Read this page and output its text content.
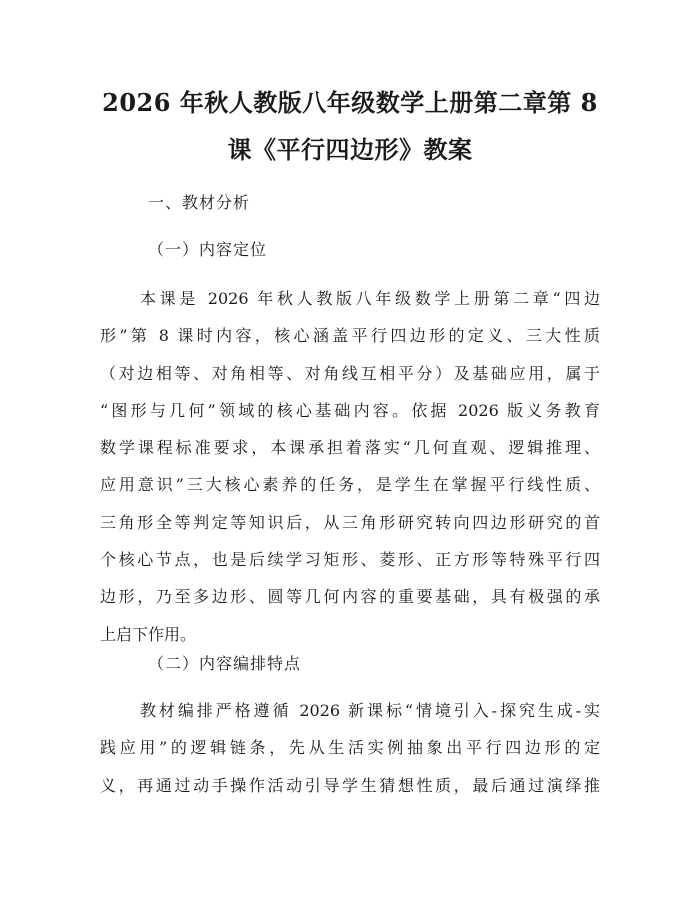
2026 年秋人教版八年级数学上册第二章第 8
课《平行四边形》教案
一、教材分析
（一）内容定位
本课是 2026 年秋人教版八年级数学上册第二章“四边
形”第 8 课时内容，核心涵盖平行四边形的定义、三大性质
（对边相等、对角相等、对角线互相平分）及基础应用，属于
“图形与几何”领域的核心基础内容。依据 2026 版义务教育
数学课程标准要求，本课承担着落实“几何直观、逻辑推理、
应用意识”三大核心素养的任务，是学生在掌握平行线性质、
三角形全等判定等知识后，从三角形研究转向四边形研究的首
个核心节点，也是后续学习矩形、菱形、正方形等特殊平行四
边形，乃至多边形、圆等几何内容的重要基础，具有极强的承
上启下作用。
（二）内容编排特点
教材编排严格遵循 2026 新课标“情境引入-探究生成-实
践应用”的逻辑链条，先从生活实例抽象出平行四边形的定
义，再通过动手操作活动引导学生猜想性质，最后通过演绎推
